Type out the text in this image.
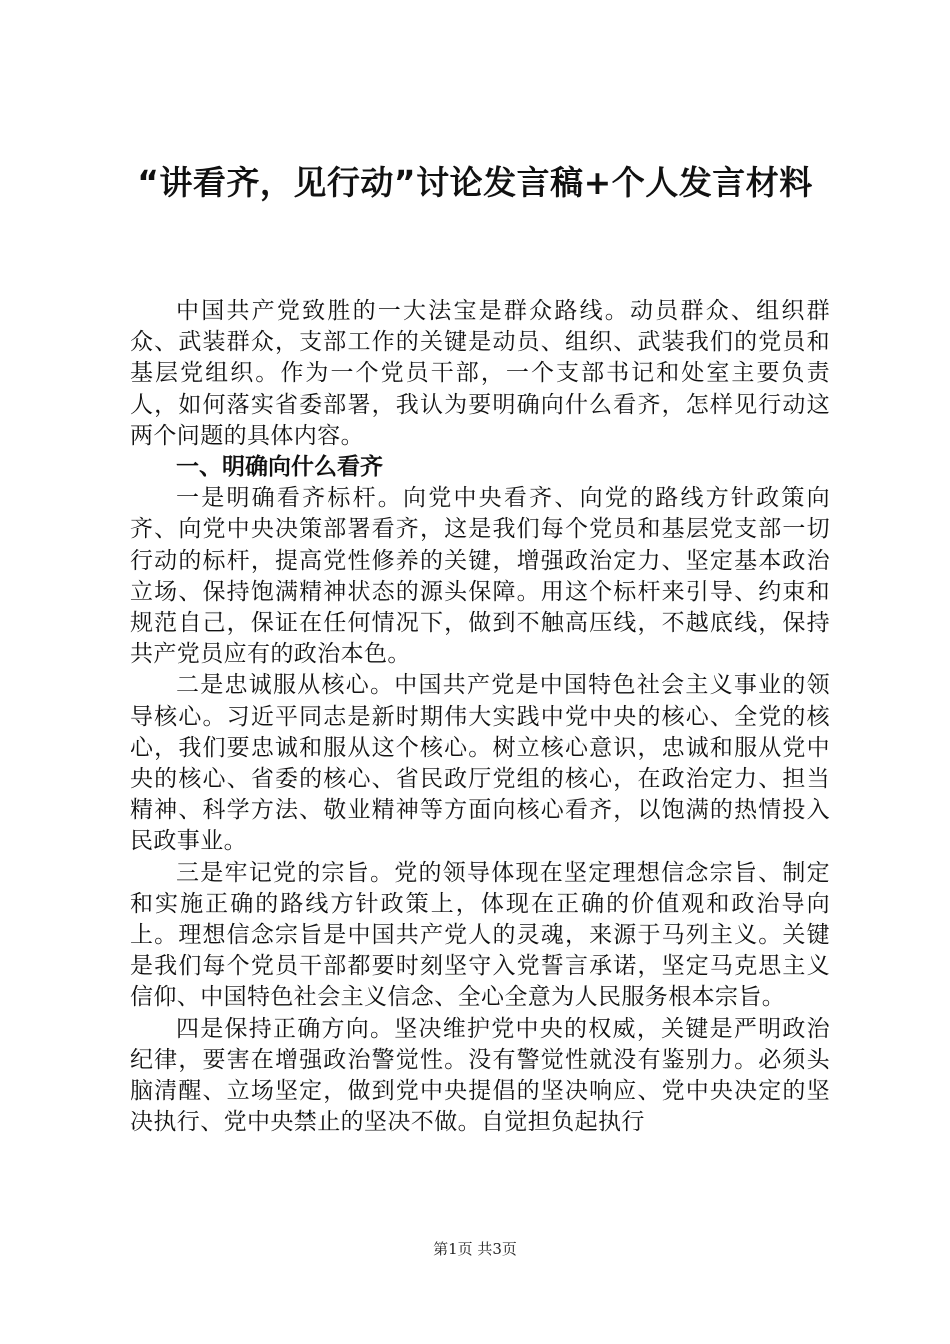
“讲看齐，见行动”讨论发言稿+个人发言材料

中国共产党致胜的一大法宝是群众路线。动员群众、组织群众、武装群众，支部工作的关键是动员、组织、武装我们的党员和基层党组织。作为一个党员干部，一个支部书记和处室主要负责人，如何落实省委部署，我认为要明确向什么看齐，怎样见行动这两个问题的具体内容。

一、明确向什么看齐

一是明确看齐标杆。向党中央看齐、向党的路线方针政策向齐、向党中央决策部署看齐，这是我们每个党员和基层党支部一切行动的标杆，提高党性修养的关键，增强政治定力、坚定基本政治立场、保持饱满精神状态的源头保障。用这个标杆来引导、约束和规范自己，保证在任何情况下，做到不触高压线，不越底线，保持共产党员应有的政治本色。

二是忠诚服从核心。中国共产党是中国特色社会主义事业的领导核心。习近平同志是新时期伟大实践中党中央的核心、全党的核心，我们要忠诚和服从这个核心。树立核心意识，忠诚和服从党中央的核心、省委的核心、省民政厅党组的核心，在政治定力、担当精神、科学方法、敬业精神等方面向核心看齐，以饱满的热情投入民政事业。

三是牢记党的宗旨。党的领导体现在坚定理想信念宗旨、制定和实施正确的路线方针政策上，体现在正确的价值观和政治导向上。理想信念宗旨是中国共产党人的灵魂，来源于马列主义。关键是我们每个党员干部都要时刻坚守入党誓言承诺，坚定马克思主义信仰、中国特色社会主义信念、全心全意为人民服务根本宗旨。

四是保持正确方向。坚决维护党中央的权威，关键是严明政治纪律，要害在增强政治警觉性。没有警觉性就没有鉴别力。必须头脑清醒、立场坚定，做到党中央提倡的坚决响应、党中央决定的坚决执行、党中央禁止的坚决不做。自觉担负起执行

第1页 共3页
